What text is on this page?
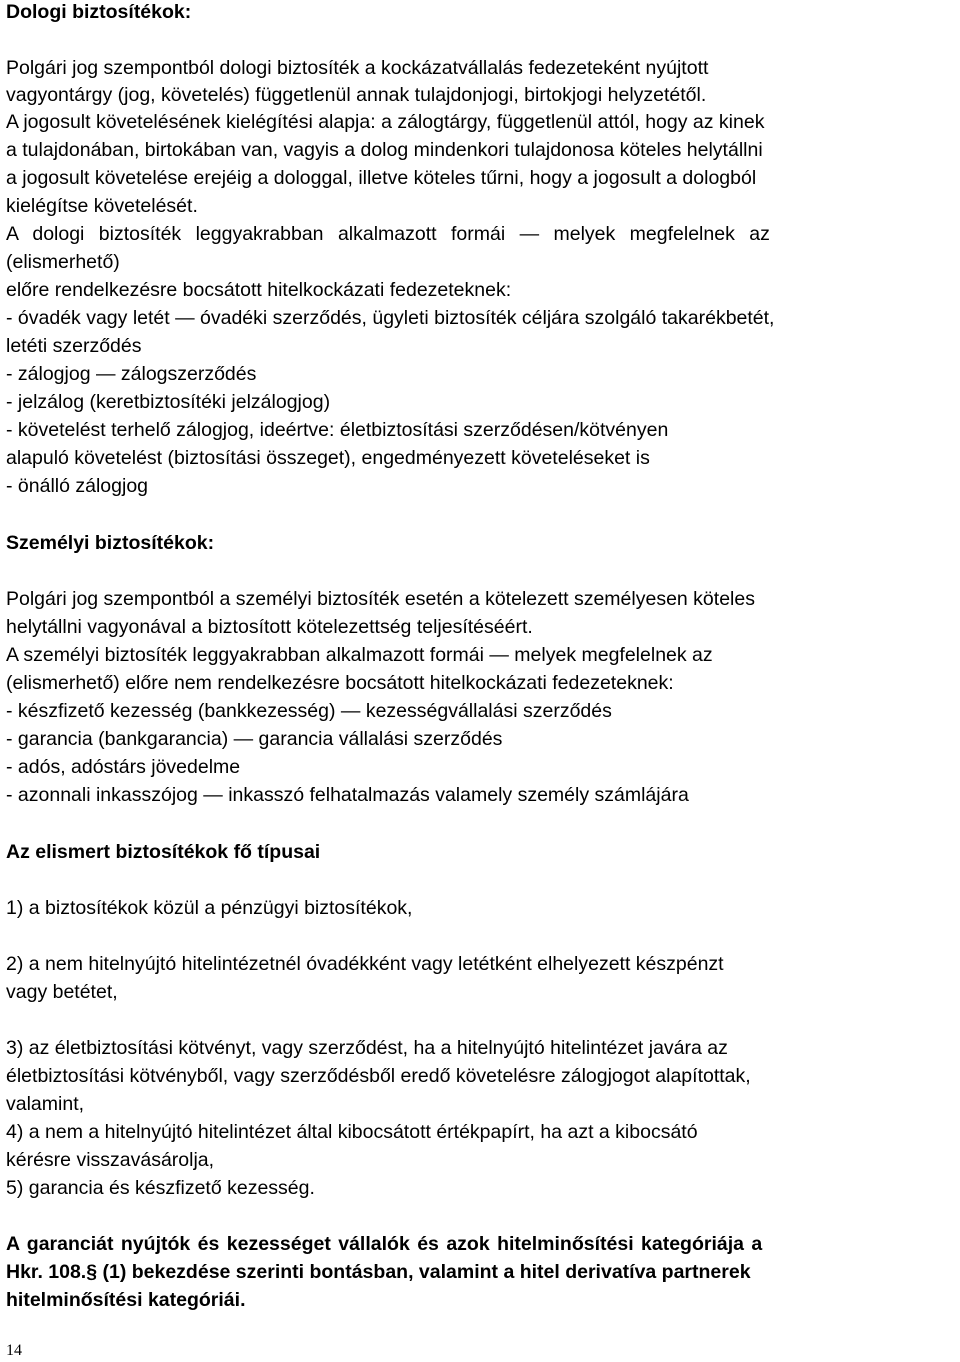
Dologi biztosítékok:
Polgári jog szempontból dologi biztosíték a kockázatvállalás fedezeteként nyújtott
vagyontárgy (jog, követelés) függetlenül annak tulajdonjogi, birtokjogi helyzetétől.
A jogosult követelésének kielégítési alapja: a zálogtárgy, függetlenül attól, hogy az kinek
a tulajdonában, birtokában van, vagyis a dolog mindenkori tulajdonosa köteles helytállni
a jogosult követelése erejéig a dologgal, illetve köteles tűrni, hogy a jogosult a dologból
kielégítse követelését.
A dologi biztosíték leggyakrabban alkalmazott formái — melyek megfelelnek az
(elismerhető)
előre rendelkezésre bocsátott hitelkockázati fedezeteknek:
- óvadék vagy letét — óvadéki szerződés, ügyleti biztosíték céljára szolgáló takarékbetét,
letéti szerződés
- zálogjog — zálogszerződés
- jelzálog (keretbiztosítéki jelzálogjog)
- követelést terhelő zálogjog, ideértve: életbiztosítási szerződésen/kötvényen
alapuló követelést (biztosítási összeget), engedményezett követeléseket is
- önálló zálogjog
Személyi biztosítékok:
Polgári jog szempontból a személyi biztosíték esetén a kötelezett személyesen köteles
helytállni vagyonával a biztosított kötelezettség teljesítéséért.
A személyi biztosíték leggyakrabban alkalmazott formái — melyek megfelelnek az
(elismerhető) előre nem rendelkezésre bocsátott hitelkockázati fedezeteknek:
- készfizető kezesség (bankkezesség) — kezességvállalási szerződés
- garancia (bankgarancia) — garancia vállalási szerződés
- adós, adóstárs jövedelme
- azonnali inkasszójog — inkasszó felhatalmazás valamely személy számlájára
Az elismert biztosítékok fő típusai
1) a biztosítékok közül a pénzügyi biztosítékok,
2) a nem hitelnyújtó hitelintézetnél óvadékként vagy letétként elhelyezett készpénzt
vagy betétet,
3) az életbiztosítási kötvényt, vagy szerződést, ha a hitelnyújtó hitelintézet javára az
életbiztosítási kötvényből, vagy szerződésből eredő követelésre zálogjogot alapítottak,
valamint,
4) a nem a hitelnyújtó hitelintézet által kibocsátott értékpapírt, ha azt a kibocsátó
kérésre visszavásárolja,
5) garancia és készfizető kezesség.
A garanciát nyújtók és kezességet vállalók és azok hitelminősítési kategóriája a
Hkr. 108.§ (1) bekezdése szerinti bontásban, valamint a hitel derivatíva partnerek
hitelminősítési kategóriái.
14
